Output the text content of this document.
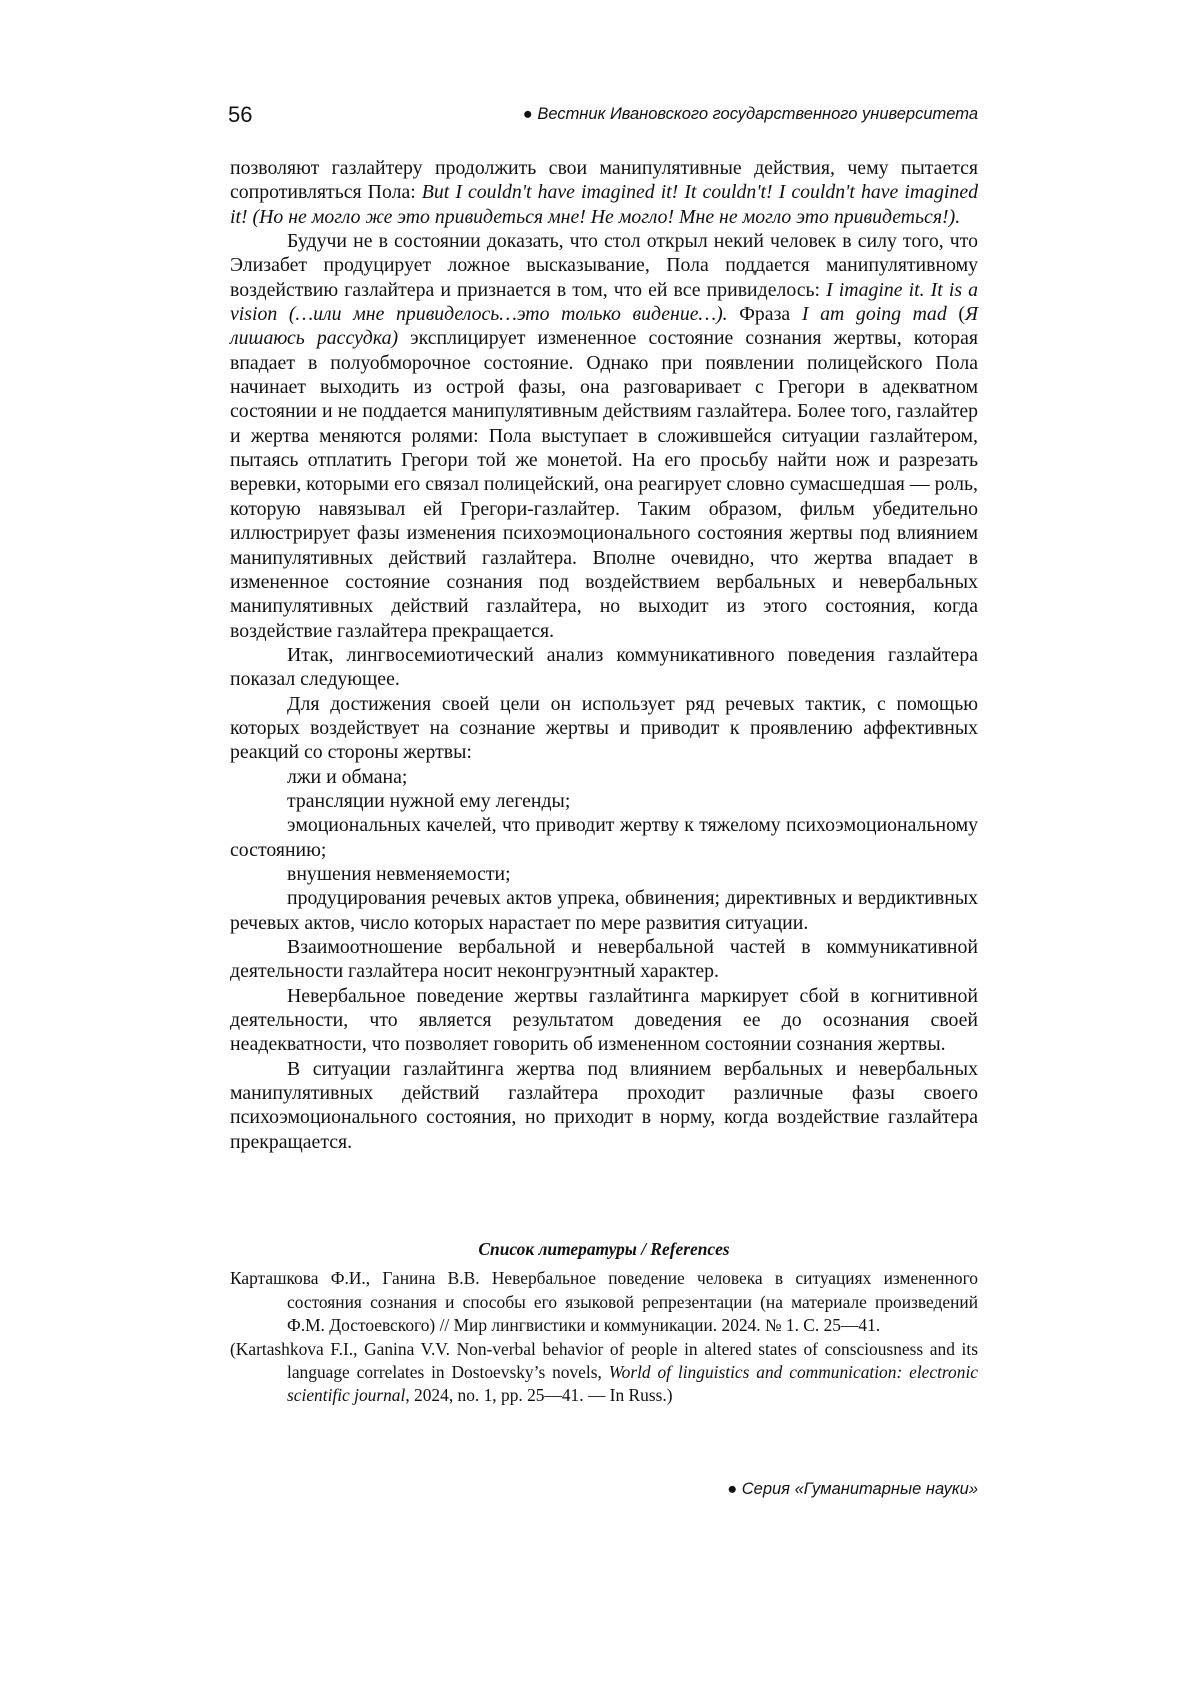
56	● Вестник Ивановского государственного университета

позволяют газлайтеру продолжить свои манипулятивные действия, чему пытается сопротивляться Пола: But I couldn't have imagined it! It couldn't! I couldn't have imagined it! (Но не могло же это привидеться мне! Не могло! Мне не могло это привидеться!).

Будучи не в состоянии доказать, что стол открыл некий человек в силу того, что Элизабет продуцирует ложное высказывание, Пола поддается манипулятивному воздействию газлайтера и признается в том, что ей все привиделось: I imagine it. It is a vision (…или мне привиделось…это только видение…). Фраза I am going mad (Я лишаюсь рассудка) эксплицирует измененное состояние сознания жертвы, которая впадает в полуобморочное состояние. Однако при появлении полицейского Пола начинает выходить из острой фазы, она разговаривает с Грегори в адекватном состоянии и не поддается манипулятивным действиям газлайтера. Более того, газлайтер и жертва меняются ролями: Пола выступает в сложившейся ситуации газлайтером, пытаясь отплатить Грегори той же монетой. На его просьбу найти нож и разрезать веревки, которыми его связал полицейский, она реагирует словно сумасшедшая — роль, которую навязывал ей Грегори-газлайтер. Таким образом, фильм убедительно иллюстрирует фазы изменения психоэмоционального состояния жертвы под влиянием манипулятивных действий газлайтера. Вполне очевидно, что жертва впадает в измененное состояние сознания под воздействием вербальных и невербальных манипулятивных действий газлайтера, но выходит из этого состояния, когда воздействие газлайтера прекращается.

Итак, лингвосемиотический анализ коммуникативного поведения газлайтера показал следующее.

Для достижения своей цели он использует ряд речевых тактик, с помощью которых воздействует на сознание жертвы и приводит к проявлению аффективных реакций со стороны жертвы:

лжи и обмана;

трансляции нужной ему легенды;

эмоциональных качелей, что приводит жертву к тяжелому психоэмоциональному состоянию;

внушения невменяемости;

продуцирования речевых актов упрека, обвинения; директивных и вердиктивных речевых актов, число которых нарастает по мере развития ситуации.

Взаимоотношение вербальной и невербальной частей в коммуникативной деятельности газлайтера носит неконгруэнтный характер.

Невербальное поведение жертвы газлайтинга маркирует сбой в когнитивной деятельности, что является результатом доведения ее до осознания своей неадекватности, что позволяет говорить об измененном состоянии сознания жертвы.

В ситуации газлайтинга жертва под влиянием вербальных и невербальных манипулятивных действий газлайтера проходит различные фазы своего психоэмоционального состояния, но приходит в норму, когда воздействие газлайтера прекращается.

Список литературы / References

Карташкова Ф.И., Ганина В.В. Невербальное поведение человека в ситуациях измененного состояния сознания и способы его языковой репрезентации (на материале произведений Ф.М. Достоевского) // Мир лингвистики и коммуникации. 2024. № 1. С. 25—41.

(Kartashkova F.I., Ganina V.V. Non-verbal behavior of people in altered states of consciousness and its language correlates in Dostoevsky’s novels, World of linguistics and communication: electronic scientific journal, 2024, no. 1, pp. 25—41. — In Russ.)

● Серия «Гуманитарные науки»
